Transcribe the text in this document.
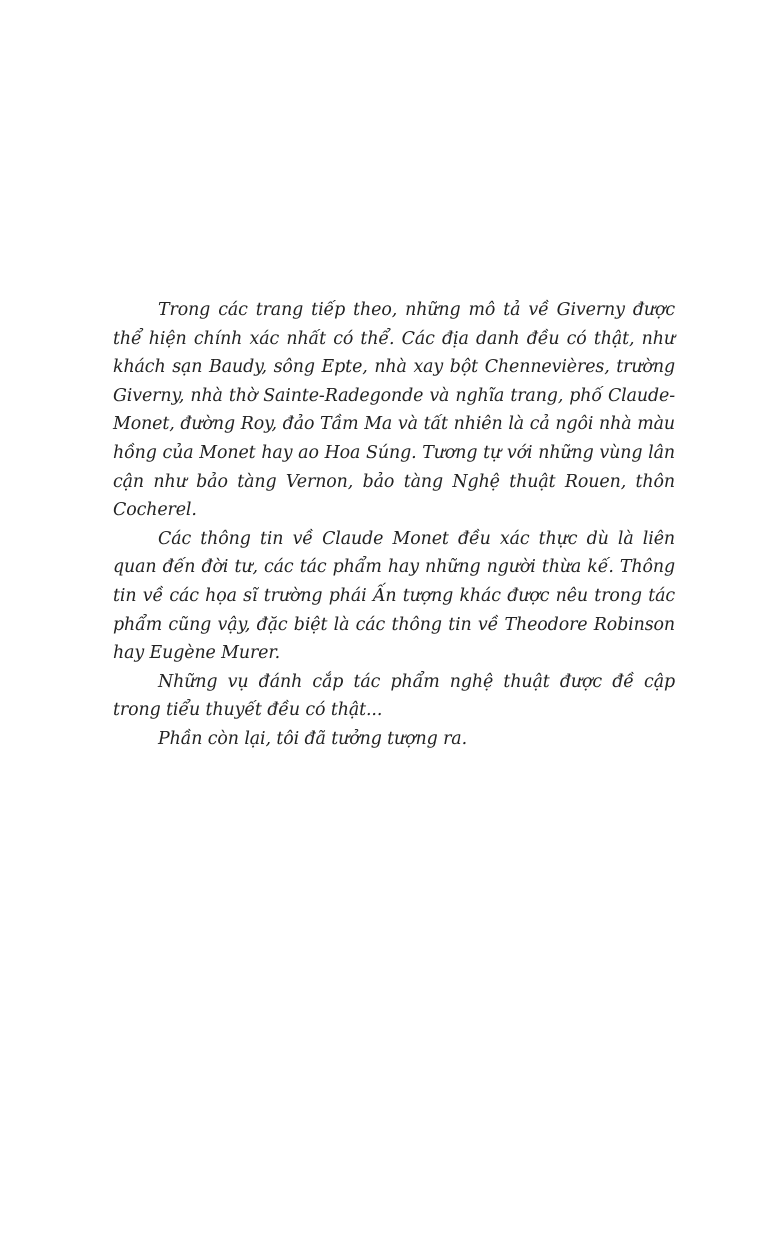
Trong các trang tiếp theo, những mô tả về Giverny được thể hiện chính xác nhất có thể. Các địa danh đều có thật, như khách sạn Baudy, sông Epte, nhà xay bột Chennevières, trường Giverny, nhà thờ Sainte-Radegonde và nghĩa trang, phố Claude-Monet, đường Roy, đảo Tầm Ma và tất nhiên là cả ngôi nhà màu hồng của Monet hay ao Hoa Súng. Tương tự với những vùng lân cận như bảo tàng Vernon, bảo tàng Nghệ thuật Rouen, thôn Cocherel.

Các thông tin về Claude Monet đều xác thực dù là liên quan đến đời tư, các tác phẩm hay những người thừa kế. Thông tin về các họa sĩ trường phái Ấn tượng khác được nêu trong tác phẩm cũng vậy, đặc biệt là các thông tin về Theodore Robinson hay Eugène Murer.

Những vụ đánh cắp tác phẩm nghệ thuật được đề cập trong tiểu thuyết đều có thật...

Phần còn lại, tôi đã tưởng tượng ra.
